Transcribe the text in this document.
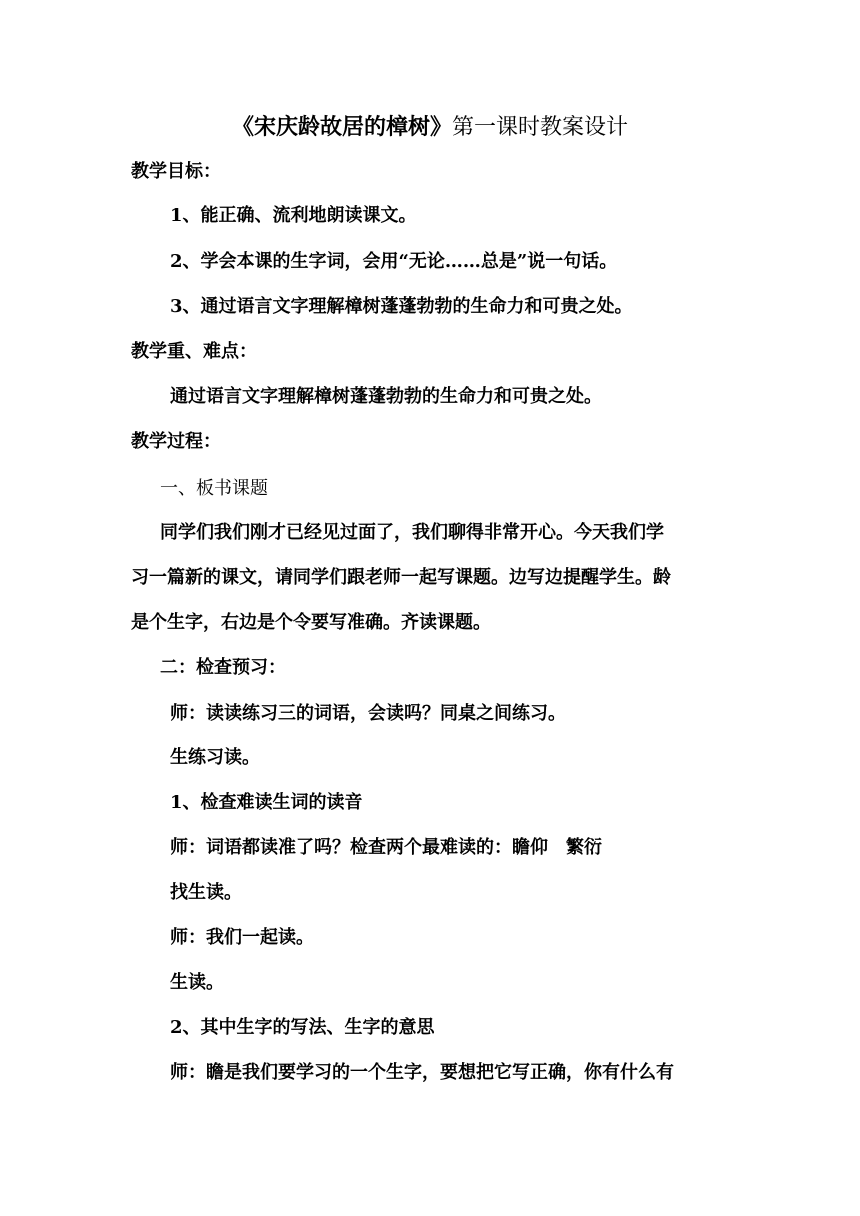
《宋庆龄故居的樟树》第一课时教案设计
教学目标：
1、能正确、流利地朗读课文。
2、学会本课的生字词，会用“无论……总是”说一句话。
3、通过语言文字理解樟树蓬蓬勃勃的生命力和可贵之处。
教学重、难点：
通过语言文字理解樟树蓬蓬勃勃的生命力和可贵之处。
教学过程：
一、板书课题
同学们我们刚才已经见过面了，我们聊得非常开心。今天我们学
习一篇新的课文，请同学们跟老师一起写课题。边写边提醒学生。龄
是个生字，右边是个令要写准确。齐读课题。
二：检查预习：
师：读读练习三的词语，会读吗？同桌之间练习。
生练习读。
1、检查难读生词的读音
师：词语都读准了吗？检查两个最难读的：瞻仰　繁衍
找生读。
师：我们一起读。
生读。
2、其中生字的写法、生字的意思
师：瞻是我们要学习的一个生字，要想把它写正确，你有什么有
